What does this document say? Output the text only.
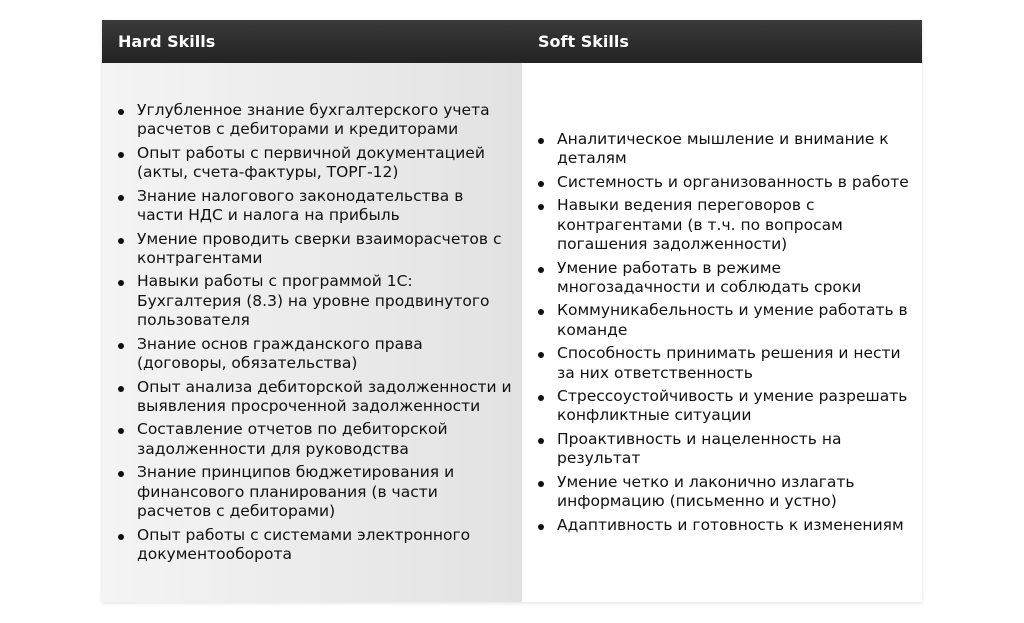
Hard Skills	Soft Skills
Углубленное знание бухгалтерского учета расчетов с дебиторами и кредиторами
Опыт работы с первичной документацией (акты, счета-фактуры, ТОРГ-12)
Знание налогового законодательства в части НДС и налога на прибыль
Умение проводить сверки взаиморасчетов с контрагентами
Навыки работы с программой 1С: Бухгалтерия (8.3) на уровне продвинутого пользователя
Знание основ гражданского права (договоры, обязательства)
Опыт анализа дебиторской задолженности и выявления просроченной задолженности
Составление отчетов по дебиторской задолженности для руководства
Знание принципов бюджетирования и финансового планирования (в части расчетов с дебиторами)
Опыт работы с системами электронного документооборота
Аналитическое мышление и внимание к деталям
Системность и организованность в работе
Навыки ведения переговоров с контрагентами (в т.ч. по вопросам погашения задолженности)
Умение работать в режиме многозадачности и соблюдать сроки
Коммуникабельность и умение работать в команде
Способность принимать решения и нести за них ответственность
Стрессоустойчивость и умение разрешать конфликтные ситуации
Проактивность и нацеленность на результат
Умение четко и лаконично излагать информацию (письменно и устно)
Адаптивность и готовность к изменениям
